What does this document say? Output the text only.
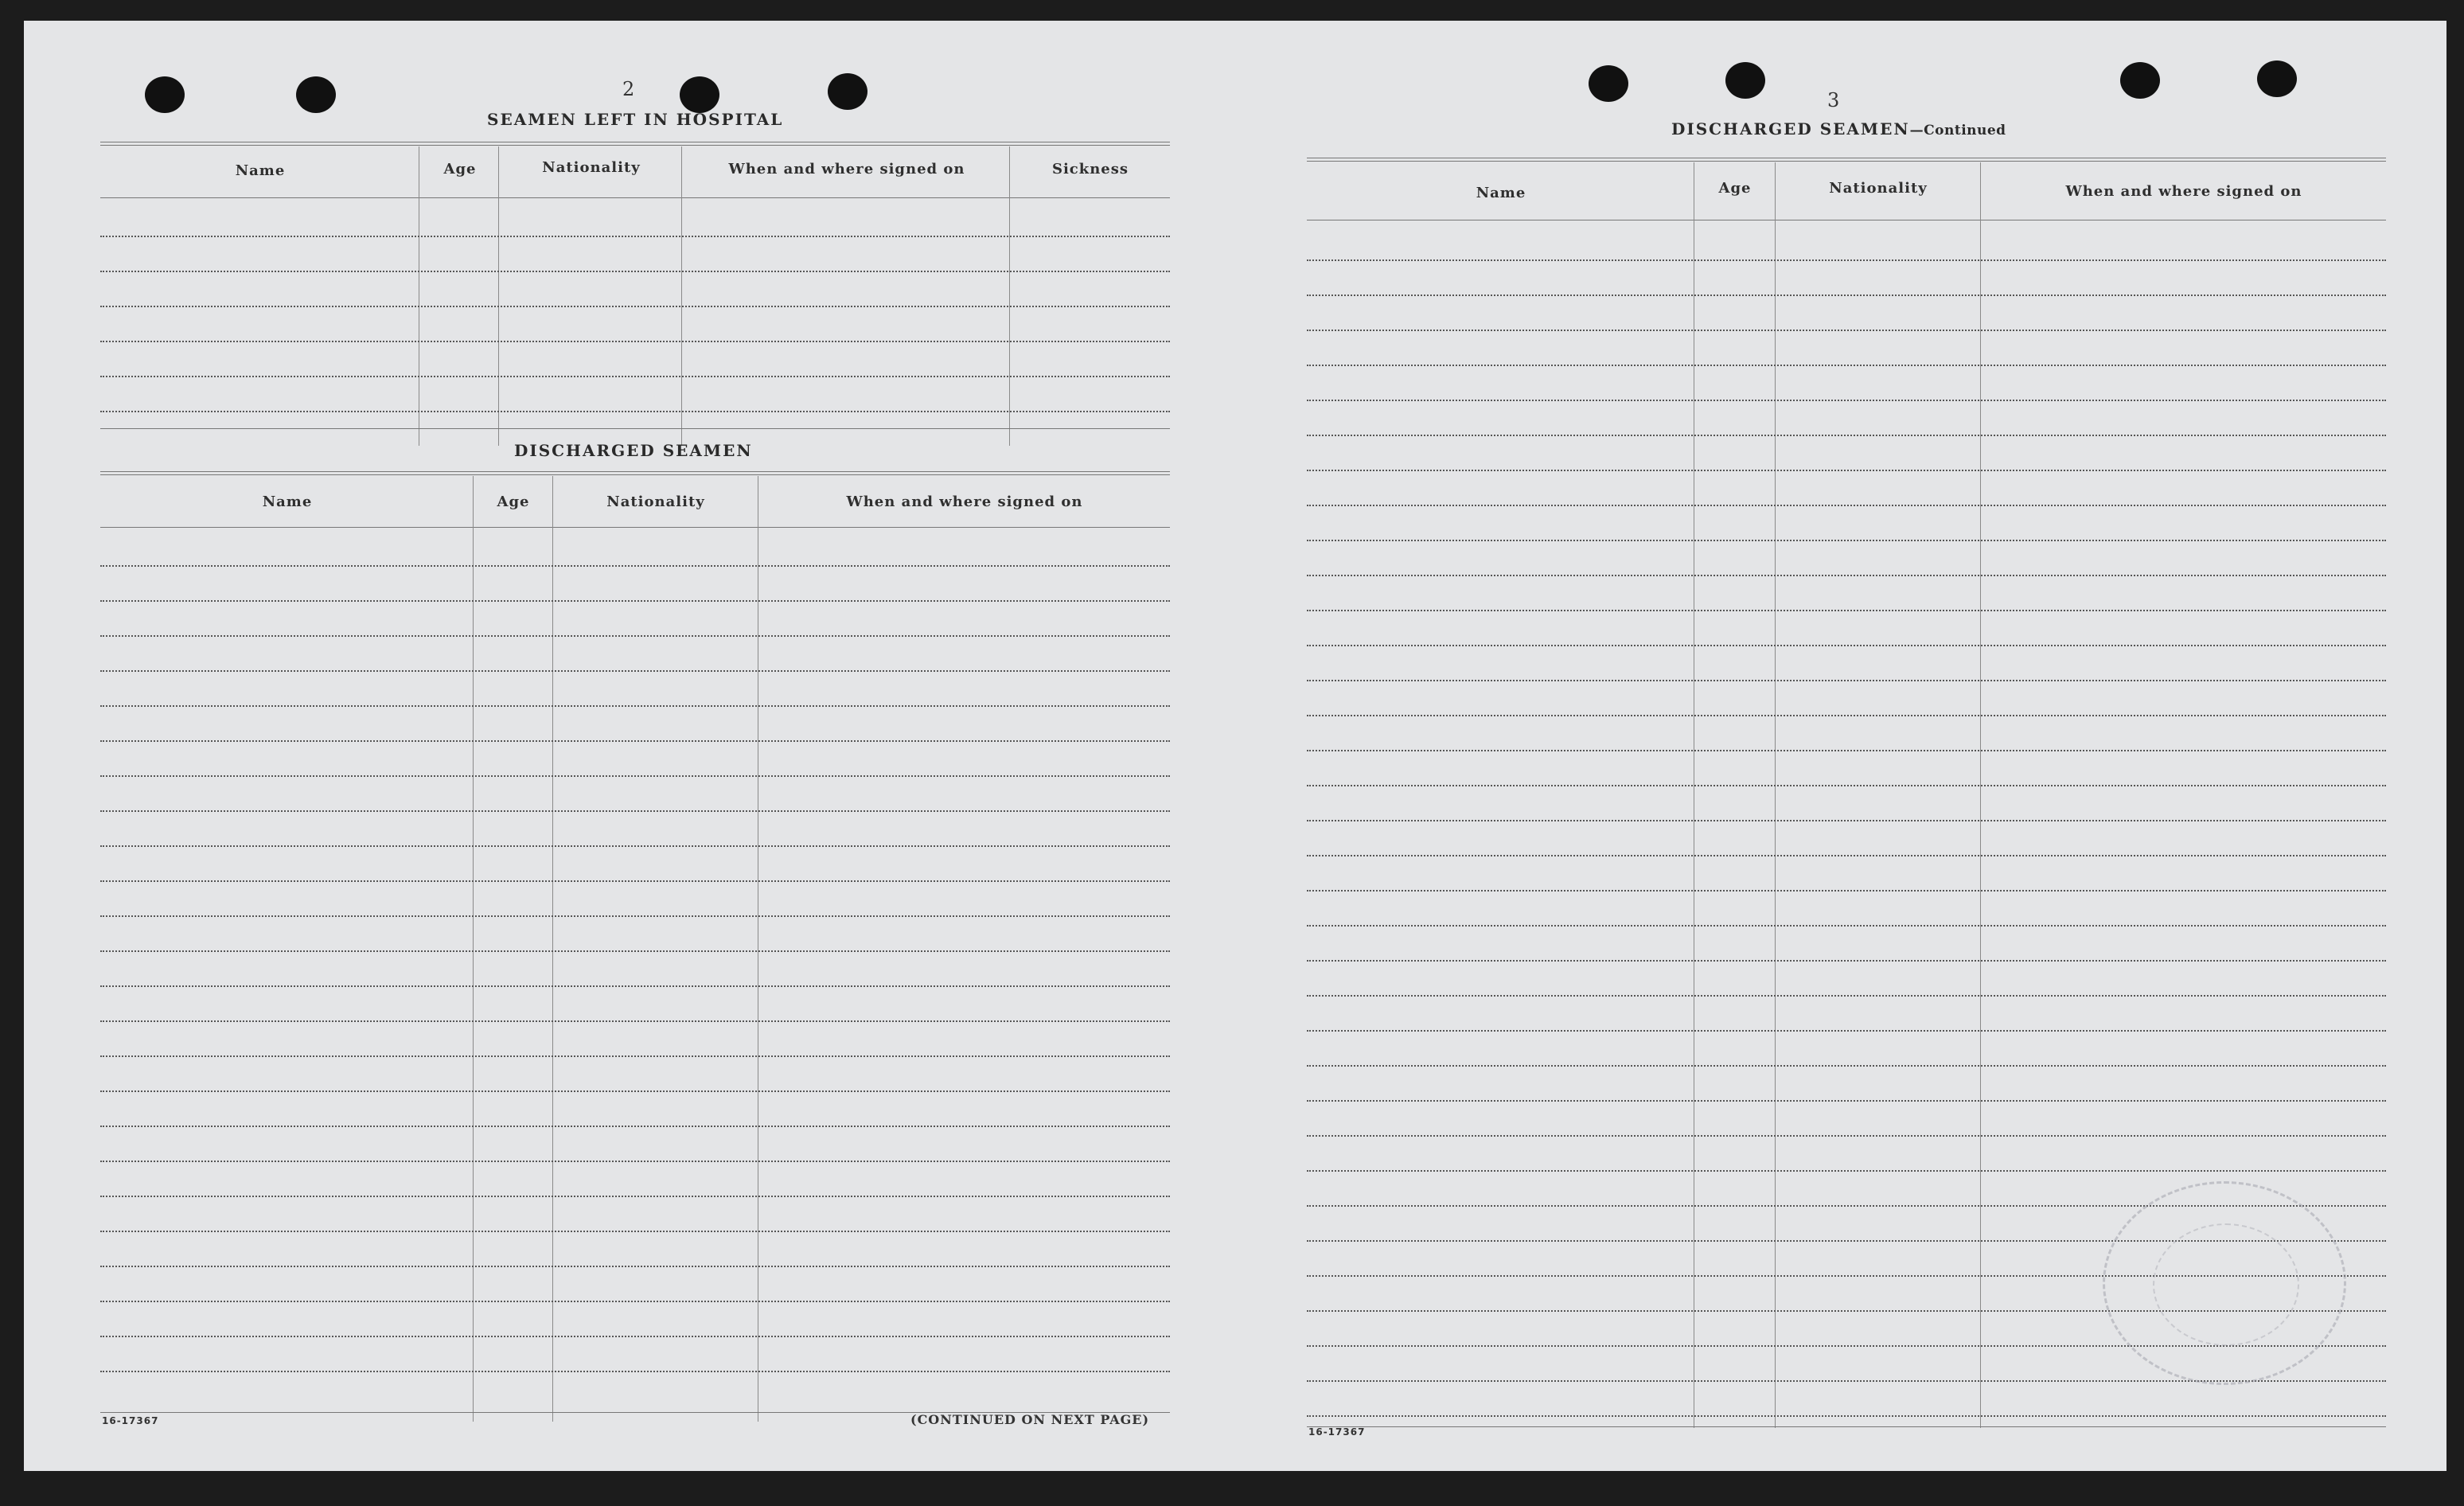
2
SEAMEN LEFT IN HOSPITAL
Name	Age	Nationality	When and where signed on	Sickness
DISCHARGED SEAMEN
Name	Age	Nationality	When and where signed on
16-17367	(CONTINUED ON NEXT PAGE)
3
DISCHARGED SEAMEN—Continued
Name	Age	Nationality	When and where signed on
16-17367
